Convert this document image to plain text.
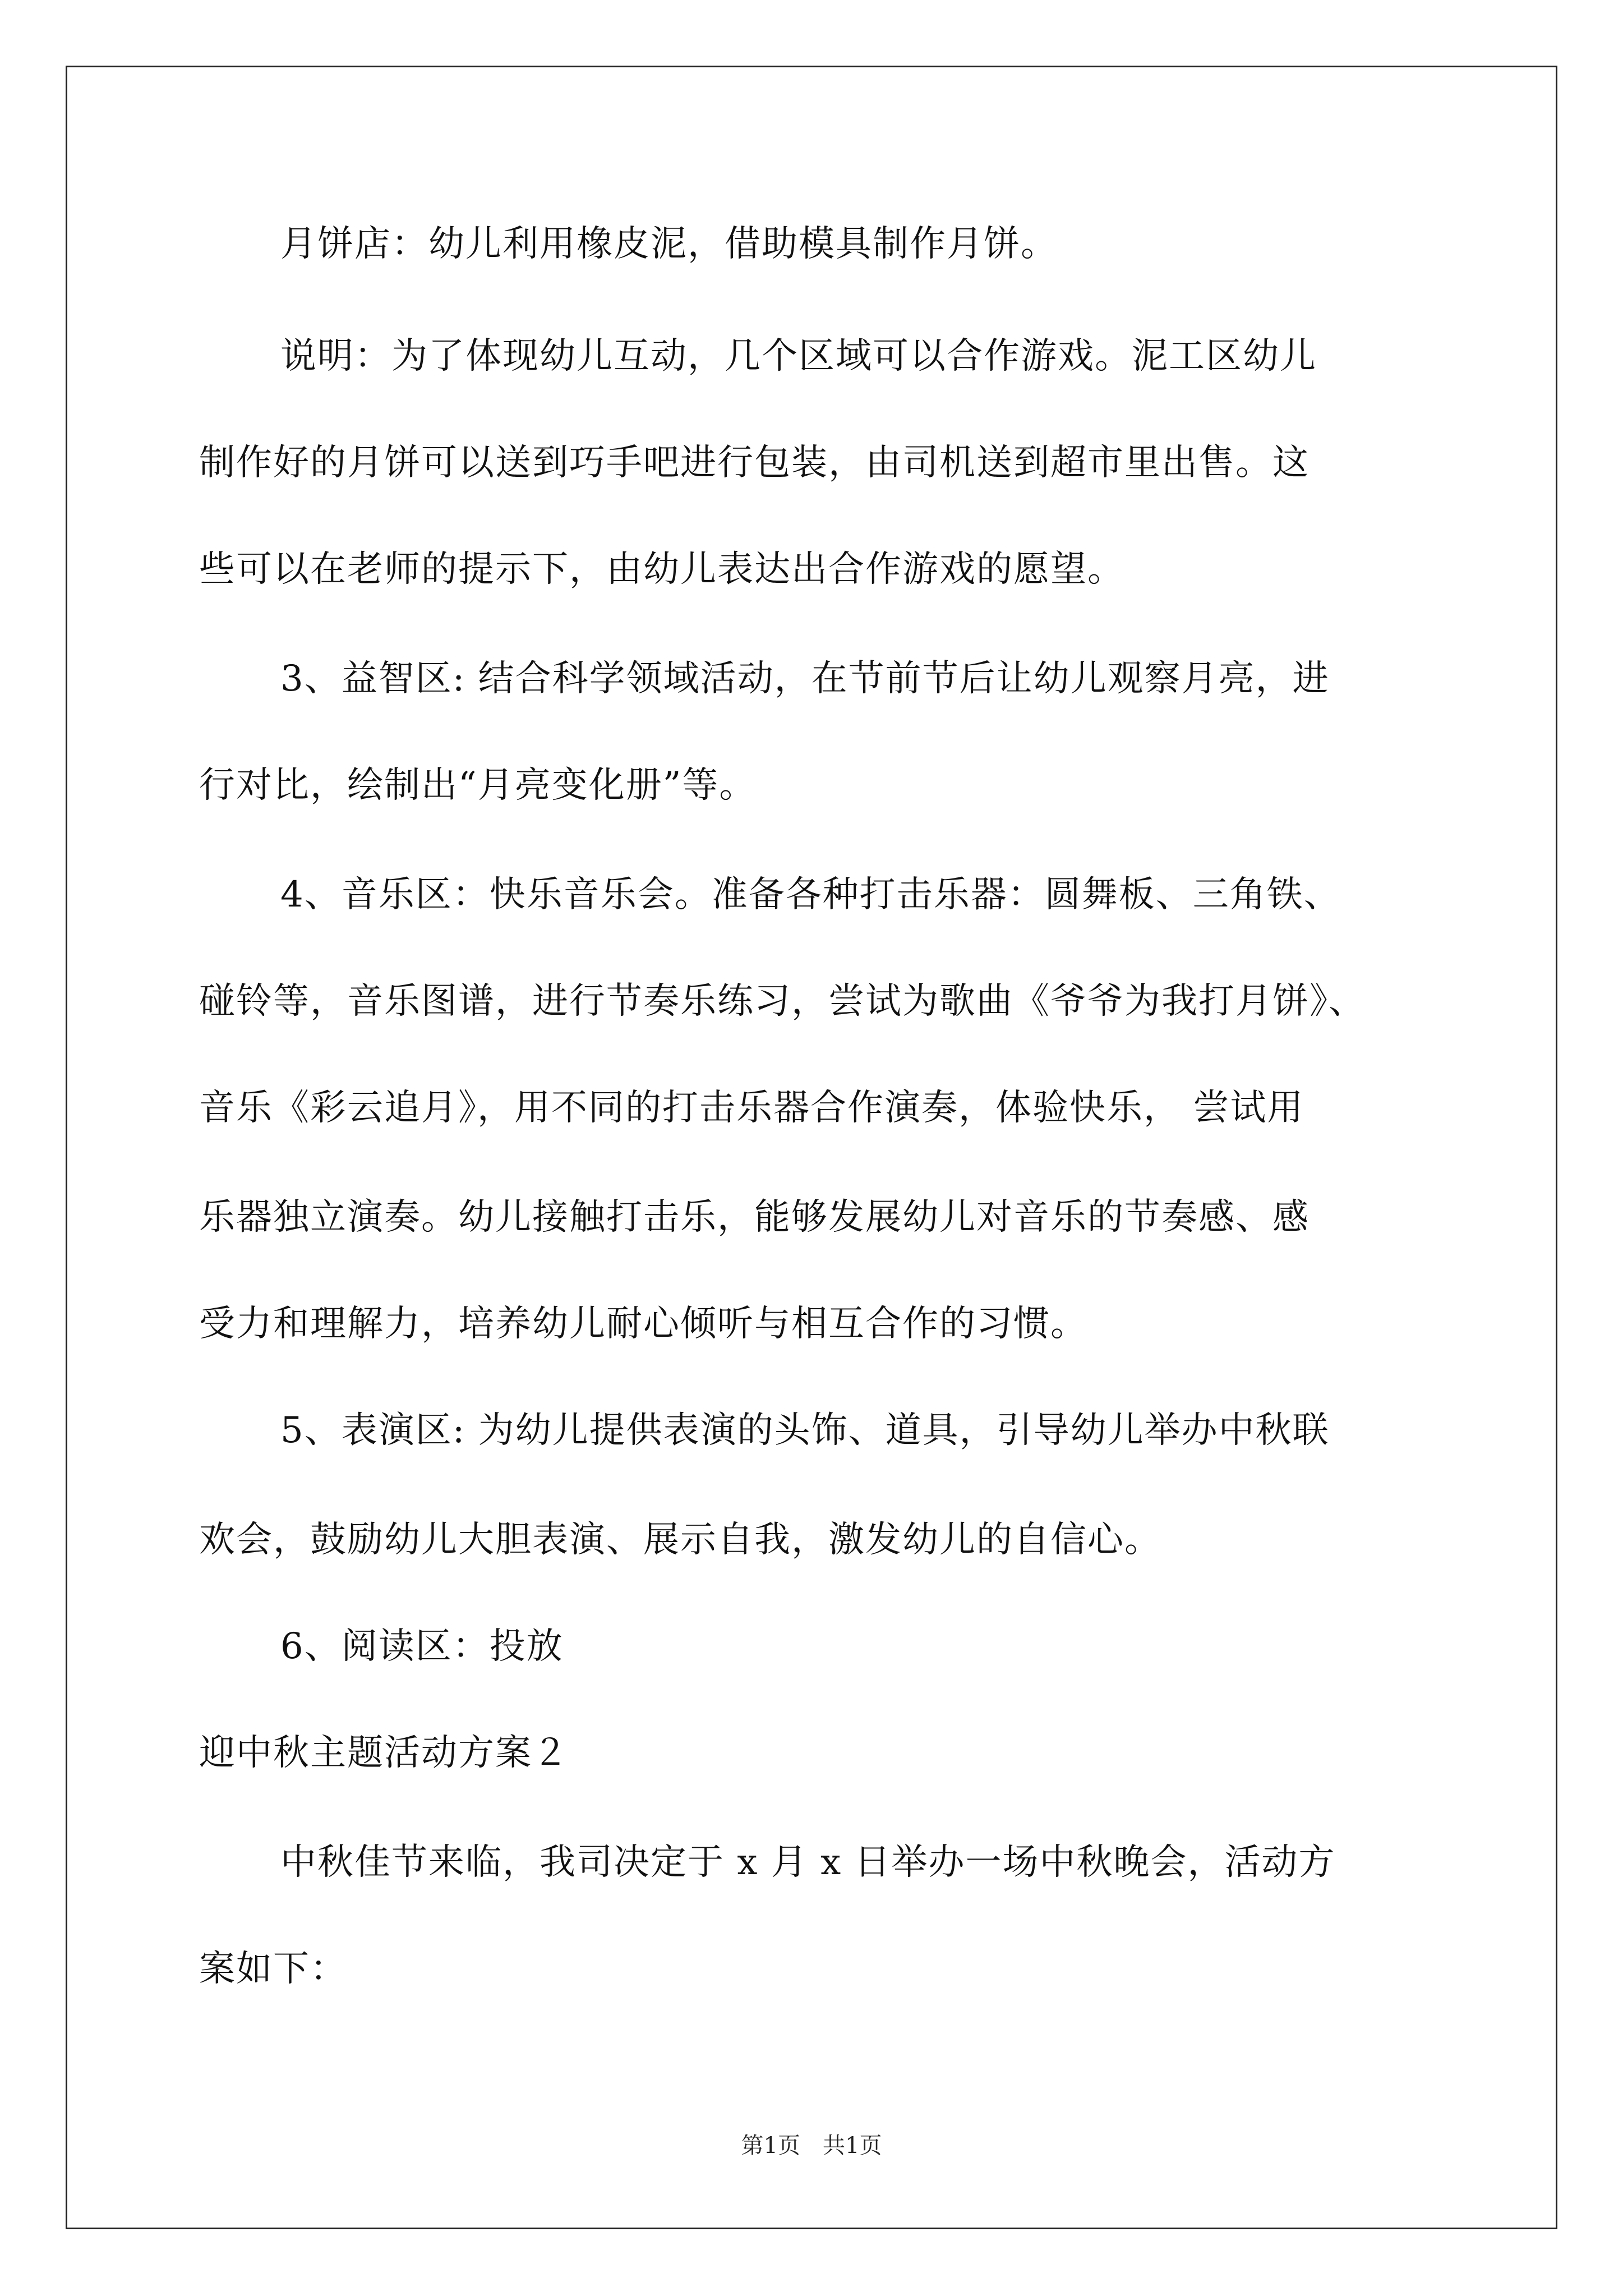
月饼店：幼儿利用橡皮泥，借助模具制作月饼。
说明：为了体现幼儿互动，几个区域可以合作游戏。泥工区幼儿
制作好的月饼可以送到巧手吧进行包装，由司机送到超市里出售。这
些可以在老师的提示下，由幼儿表达出合作游戏的愿望。
3、益智区: 结合科学领域活动，在节前节后让幼儿观察月亮，进
行对比，绘制出“月亮变化册”等。
4、音乐区：快乐音乐会。准备各种打击乐器：圆舞板、三角铁、
碰铃等，音乐图谱，进行节奏乐练习，尝试为歌曲《爷爷为我打月饼》、
音乐《彩云追月》，用不同的打击乐器合作演奏，体验快乐， 尝试用
乐器独立演奏。幼儿接触打击乐，能够发展幼儿对音乐的节奏感、感
受力和理解力，培养幼儿耐心倾听与相互合作的习惯。
5、表演区: 为幼儿提供表演的头饰、道具，引导幼儿举办中秋联
欢会，鼓励幼儿大胆表演、展示自我，激发幼儿的自信心。
6、阅读区：投放
迎中秋主题活动方案２
中秋佳节来临，我司决定于 x 月 x 日举办一场中秋晚会，活动方
案如下：
第1页　共1页
